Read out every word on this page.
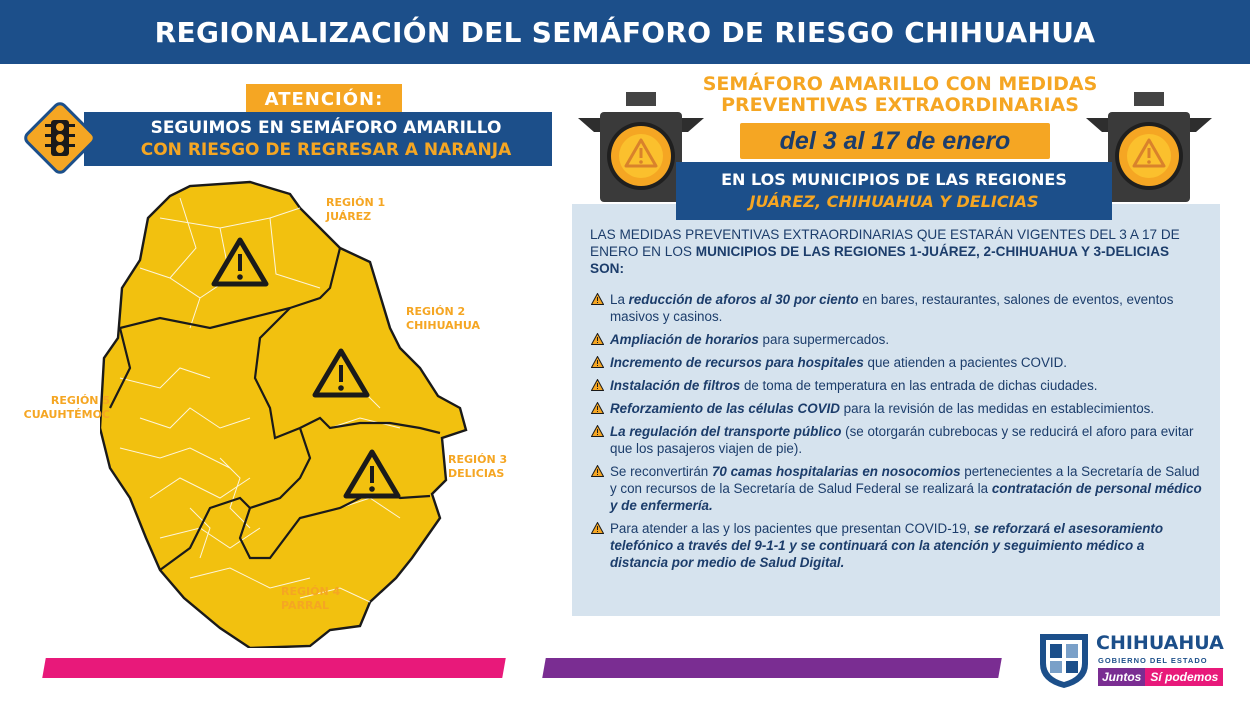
REGIONALIZACIÓN DEL SEMÁFORO DE RIESGO CHIHUAHUA
ATENCIÓN:
SEGUIMOS EN SEMÁFORO AMARILLO
CON RIESGO DE REGRESAR A NARANJA
REGIÓN 1
JUÁREZ
REGIÓN 2
CHIHUAHUA
REGIÓN 3
DELICIAS
REGIÓN 4
PARRAL
REGIÓN 5
CUAUHTÉMOC
SEMÁFORO AMARILLO CON MEDIDAS
PREVENTIVAS EXTRAORDINARIAS
del 3 al 17 de enero

LAS MEDIDAS PREVENTIVAS EXTRAORDINARIAS QUE ESTARÁN VIGENTES DEL 3 A 17 DE ENERO EN LOS MUNICIPIOS DE LAS REGIONES 1-JUÁREZ, 2-CHIHUAHUA Y 3-DELICIAS SON:

La reducción de aforos al 30 por ciento en bares, restaurantes, salones de eventos, eventos masivos y casinos.
Ampliación de horarios para supermercados.
Incremento de recursos para hospitales que atienden a pacientes COVID.
Instalación de filtros de toma de temperatura en las entrada de dichas ciudades.
Reforzamiento de las células COVID para la revisión de las medidas en establecimientos.
La regulación del transporte público (se otorgarán cubrebocas y se reducirá el aforo para evitar que los pasajeros viajen de pie).
Se reconvertirán 70 camas hospitalarias en nosocomios pertenecientes a la Secretaría de Salud y con recursos de la Secretaría de Salud Federal se realizará la contratación de personal médico y de enfermería.
Para atender a las y los pacientes que presentan COVID-19, se reforzará el asesoramiento telefónico a través del 9-1-1 y se continuará con la atención y seguimiento médico a distancia por medio de Salud Digital.
EN LOS MUNICIPIOS DE LAS REGIONES
JUÁREZ, CHIHUAHUA Y DELICIAS
CHIHUAHUA
GOBIERNO DEL ESTADO
Juntos Sí podemos
